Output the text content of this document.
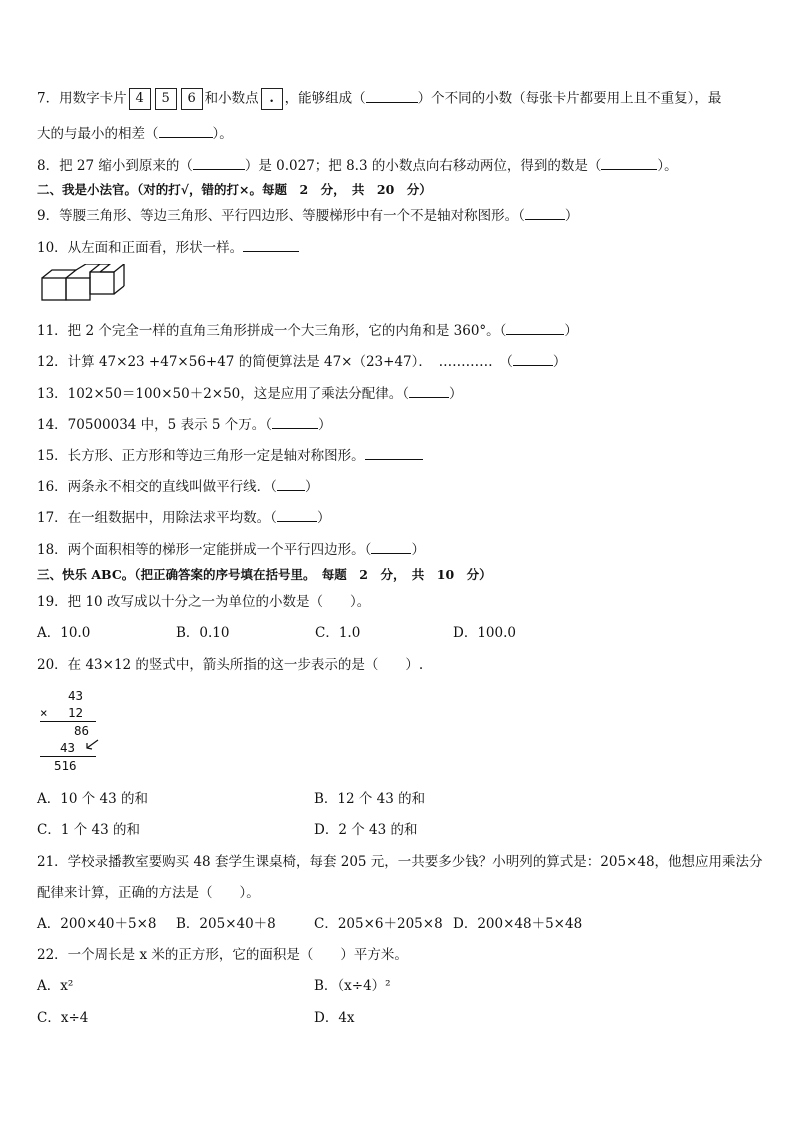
7．用数字卡片 4 5 6 和小数点 . ，能够组成（	）个不同的小数（每张卡片都要用上且不重复），最
大的与最小的相差（	）。
8．把 27 缩小到原来的（	）是 0.027；把 8.3 的小数点向右移动两位，得到的数是（	）。
二、我是小法官。（对的打√，错的打×。每题　2　分，　共　20　分）
9．等腰三角形、等边三角形、平行四边形、等腰梯形中有一个不是轴对称图形。（	）
10．从左面和正面看，形状一样。
11．把 2 个完全一样的直角三角形拼成一个大三角形，它的内角和是 360°。（	）
12．计算 47×23 +47×56+47 的简便算法是 47×（23+47）．　…………　（	）
13．102×50＝100×50＋2×50，这是应用了乘法分配律。（	）
14．70500034 中，5 表示 5 个万。（	）
15．长方形、正方形和等边三角形一定是轴对称图形。
16．两条永不相交的直线叫做平行线．（ ）
17．在一组数据中，用除法求平均数。（	）
18．两个面积相等的梯形一定能拼成一个平行四边形。（	）
三、快乐 ABC。（把正确答案的序号填在括号里。　每题　2　分，　共　10　分）
19．把 10 改写成以十分之一为单位的小数是（　　）。
A．10.0	B．0.10	C．1.0	D．100.0
20．在 43×12 的竖式中，箭头所指的这一步表示的是（　　）.
43
× 12
86
43
516
A．10 个 43 的和	B．12 个 43 的和
C．1 个 43 的和	D．2 个 43 的和
21．学校录播教室要购买 48 套学生课桌椅，每套 205 元，一共要多少钱？小明列的算式是：205×48，他想应用乘法分
配律来计算，正确的方法是（　　）。
A．200×40＋5×8 B．205×40＋8	C．205×6＋205×8 D．200×48＋5×48
22．一个周长是 x 米的正方形，它的面积是（　　）平方米。
A．x²	B．（x÷4）²
C．x÷4	D．4x
